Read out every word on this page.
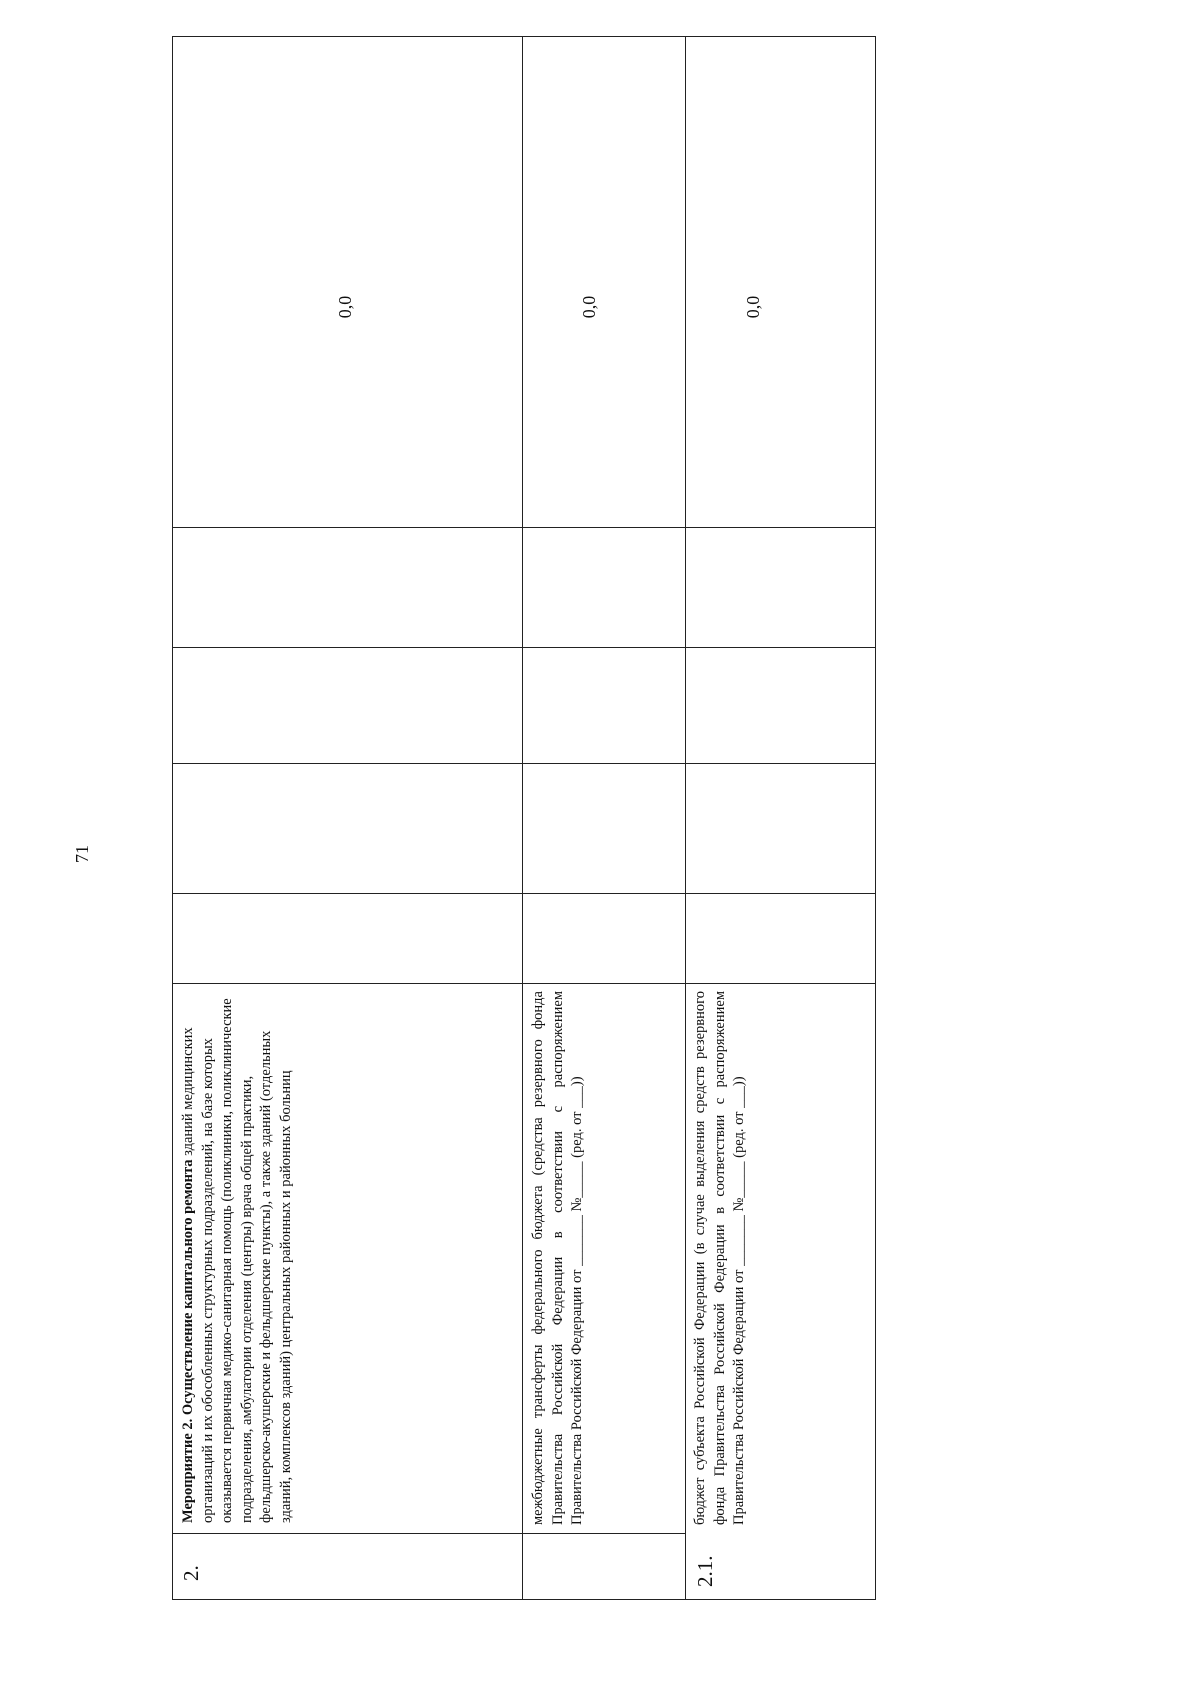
71
2.
Мероприятие 2. Осуществление капитального ремонта зданий медицинских организаций и их обособленных структурных подразделений, на базе которых оказывается первичная медико-санитарная помощь (поликлиники, поликлинические подразделения, амбулатории отделения (центры) врача общей практики, фельдшерско-акушерские и фельдшерские пункты), а также зданий (отдельных зданий, комплексов зданий) центральных районных и районных больниц
0,0
межбюджетные трансферты федерального бюджета (средства резервного фонда Правительства Российской Федерации в соответствии с распоряжением Правительства Российской Федерации от _______ №_____ (ред. от ___))
0,0
2.1.
бюджет субъекта Российской Федерации (в случае выделения средств резервного фонда Правительства Российской Федерации в соответствии с распоряжением Правительства Российской Федерации от _______ №_____ (ред. от ___))
0,0
